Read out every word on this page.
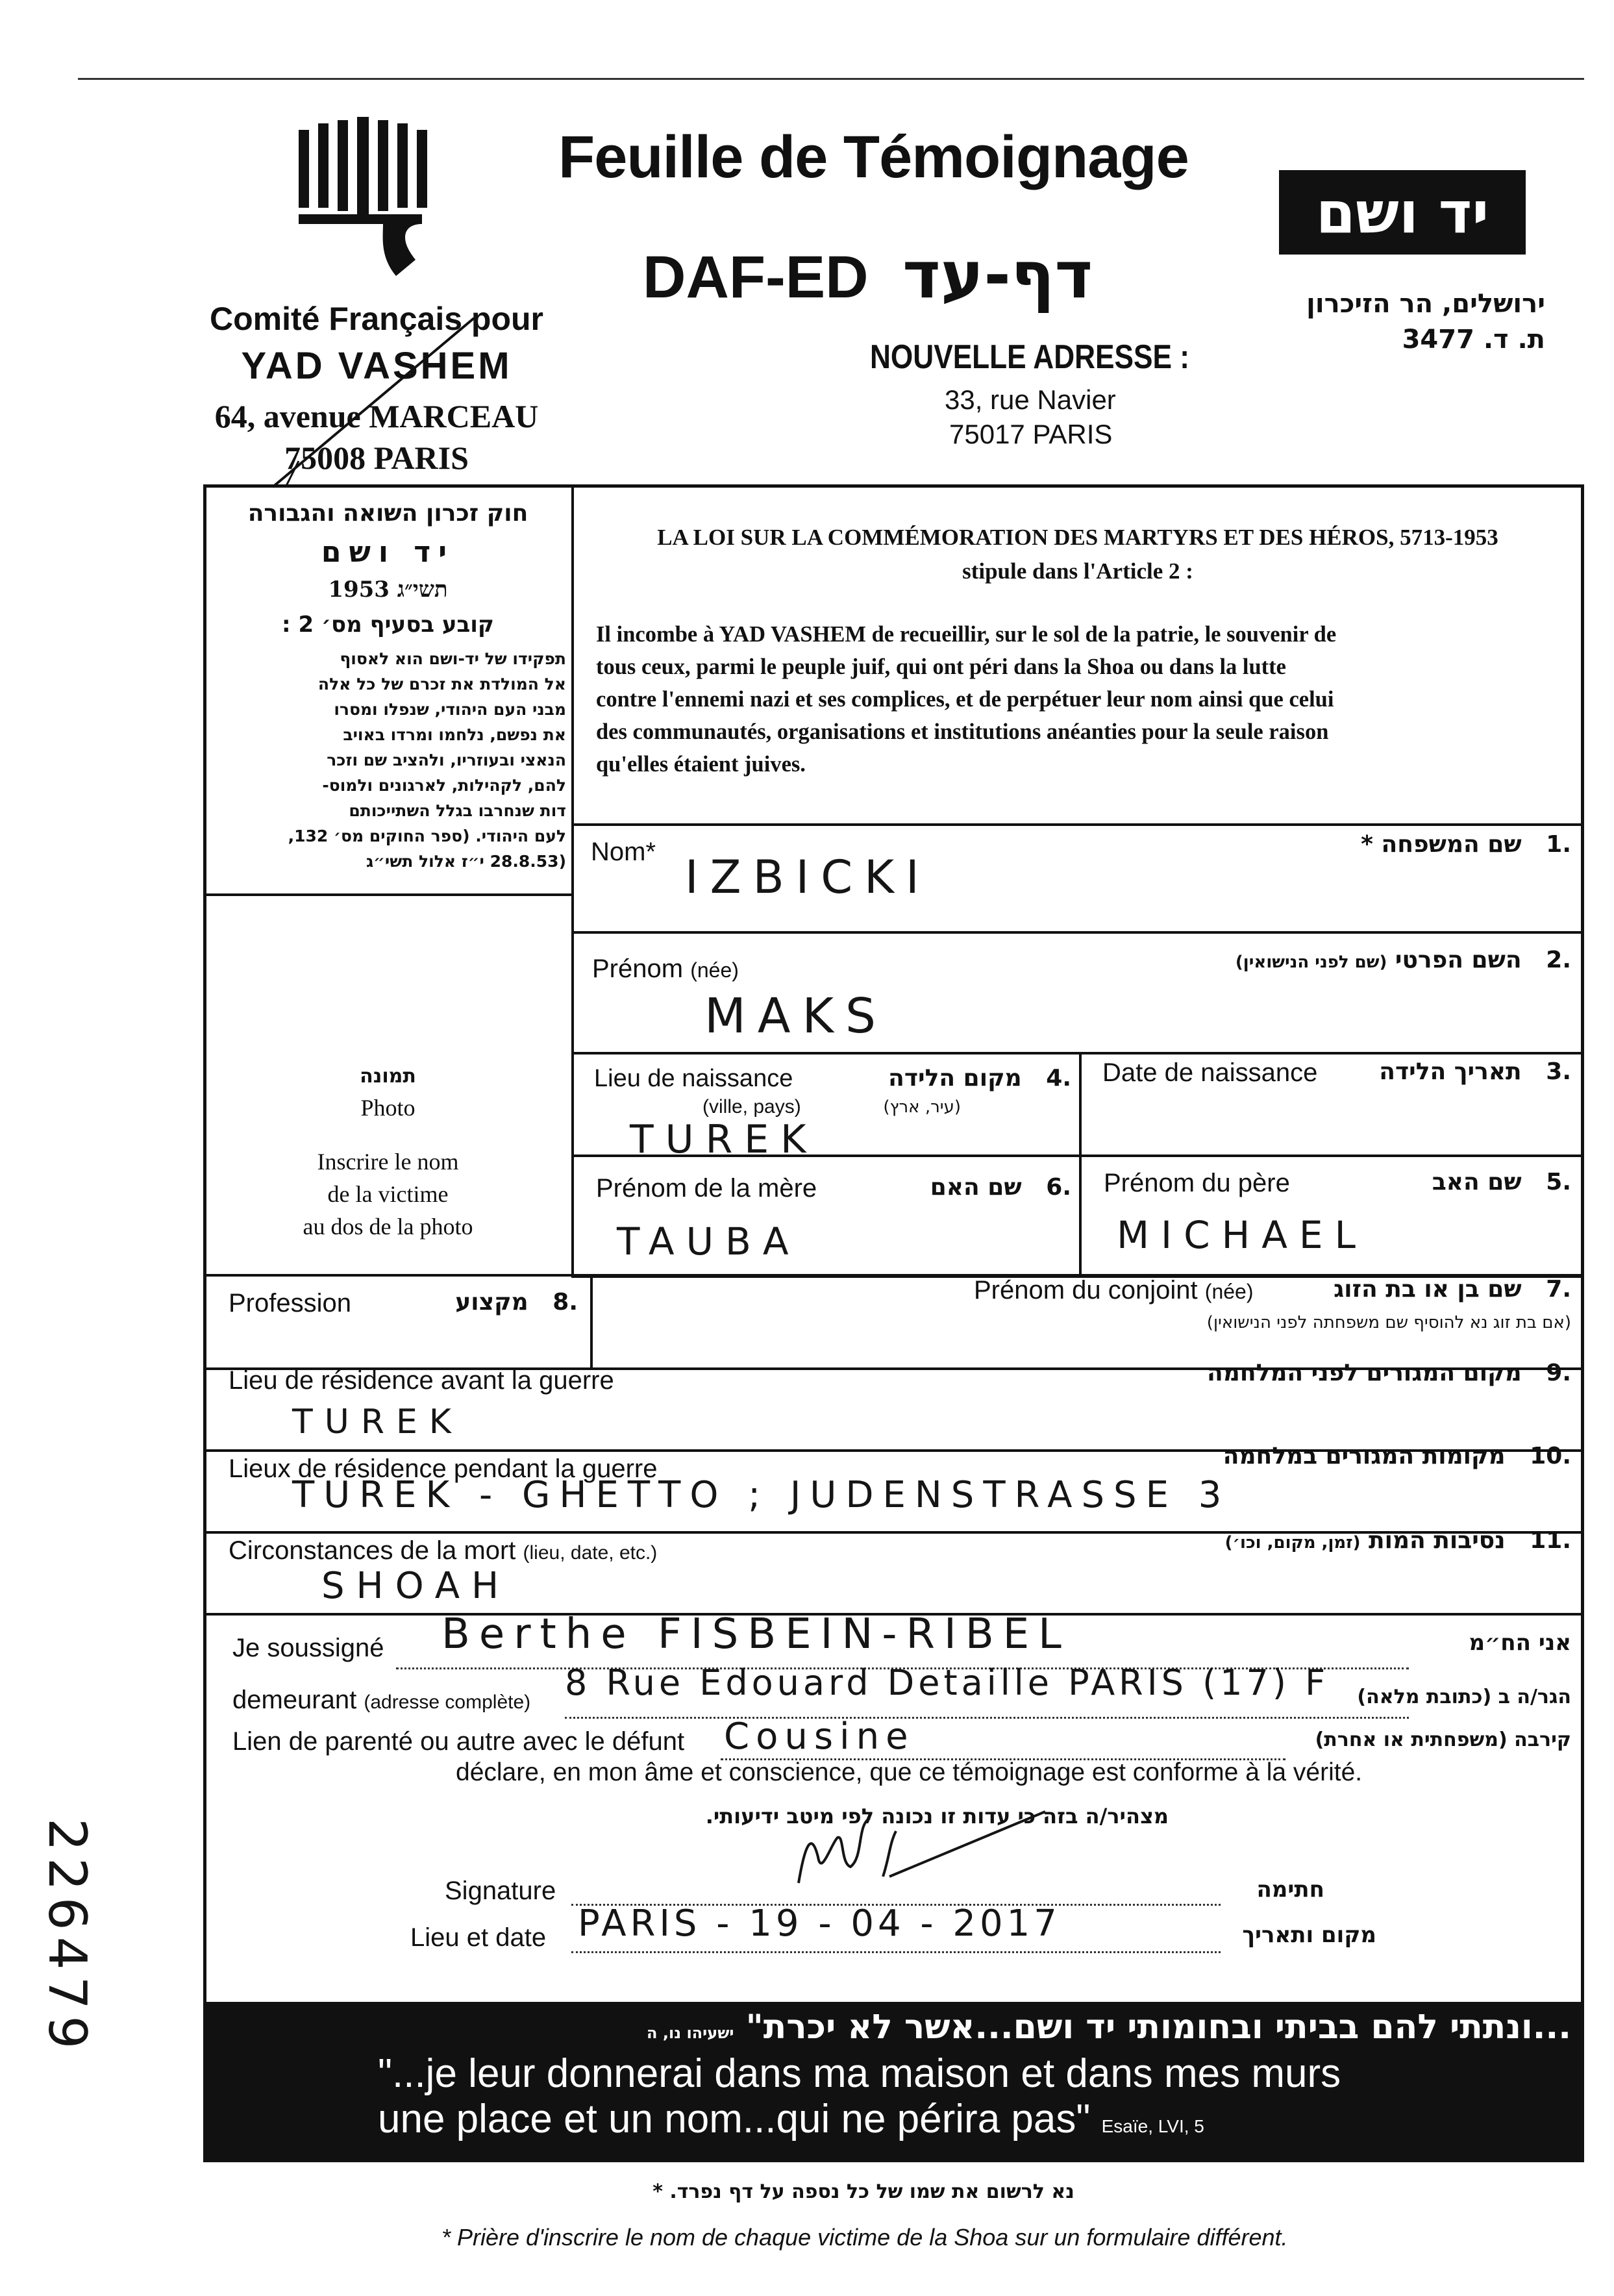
Comité Français pour
YAD VASHEM
64, avenue MARCEAU
75008 PARIS
Feuille de Témoignage
DAF-ED דף-עד
NOUVELLE ADRESSE :
33, rue Navier
75017 PARIS
יד ושם
ירושלים, הר הזיכרון
ת. ד. 3477
חוק זכרון השואה והגבורה
יד ושם
1953 תשי״ג
קובע בסעיף מס׳ 2 :
תפקידו של יד-ושם הוא לאסוף
אל המולדת את זכרם של כל אלה
מבני העם היהודי, שנפלו ומסרו
את נפשם, נלחמו ומרדו באויב
הנאצי ובעוזריו, ולהציב שם וזכר
להם, לקהילות, לארגונים ולמוס-
דות שנחרבו בגלל השתייכותם
לעם היהודי. (ספר החוקים מס׳ 132,
(28.8.53 י״ז אלול תשי״ג
LA LOI SUR LA COMMÉMORATION DES MARTYRS ET DES HÉROS, 5713-1953
stipule dans l'Article 2 :
Il incombe à YAD VASHEM de recueillir, sur le sol de la patrie, le souvenir de
tous ceux, parmi le peuple juif, qui ont péri dans la Shoa ou dans la lutte
contre l'ennemi nazi et ses complices, et de perpétuer leur nom ainsi que celui
des communautés, organisations et institutions anéanties pour la seule raison
qu'elles étaient juives.
תמונה
Photo
Inscrire le nom
de la victime
au dos de la photo
Nom*	.1   שם המשפחה *
IZBICKI
Prénom (née)	.2   השם הפרטי (שם לפני הנישואין)
MAKS
Lieu de naissance
(ville, pays)
.4   מקום הלידה
(עיר, ארץ)
TUREK
Date de naissance	.3   תאריך הלידה
Prénom de la mère	.6   שם האם
TAUBA
Prénom du père	.5   שם האב
MICHAEL
Profession	.8   מקצוע	Prénom du conjoint (née)	.7   שם בן או בת הזוג
(אם בת זוג נא להוסיף שם משפחתה לפני הנישואין)
Lieu de résidence avant la guerre	.9   מקום המגורים לפני המלחמה
TUREK
Lieux de résidence pendant la guerre	.10   מקומות המגורים במלחמה
TUREK - GHETTO ; JUDENSTRASSE 3
Circonstances de la mort (lieu, date, etc.)	.11   נסיבות המות (זמן, מקום, וכו׳)
SHOAH
Je soussigné	אני הח״מ
Berthe FISBEIN-RIBEL
demeurant (adresse complète)	הגר/ה ב (כתובת מלאה)
8 Rue Edouard Detaille PARIS (17) F
Lien de parenté ou autre avec le défunt	קירבה (משפחתית או אחרת)
Cousine
déclare, en mon âme et conscience, que ce témoignage est conforme à la vérité.
מצהיר/ה בזה כי עדות זו נכונה לפי מיטב ידיעותי.
Signature	חתימה
Lieu et date	מקום ותאריך
PARIS - 19 - 04 - 2017
...ונתתי להם בביתי ובחומותי יד ושם...אשר לא יכרת" ישעיהו נו, ה
"...je leur donnerai dans ma maison et dans mes murs
une place et un nom...qui ne périra pas" Esaïe, LVI, 5
נא לרשום את שמו של כל נספה על דף נפרד. *
* Prière d'inscrire le nom de chaque victime de la Shoa sur un formulaire différent.
226479
